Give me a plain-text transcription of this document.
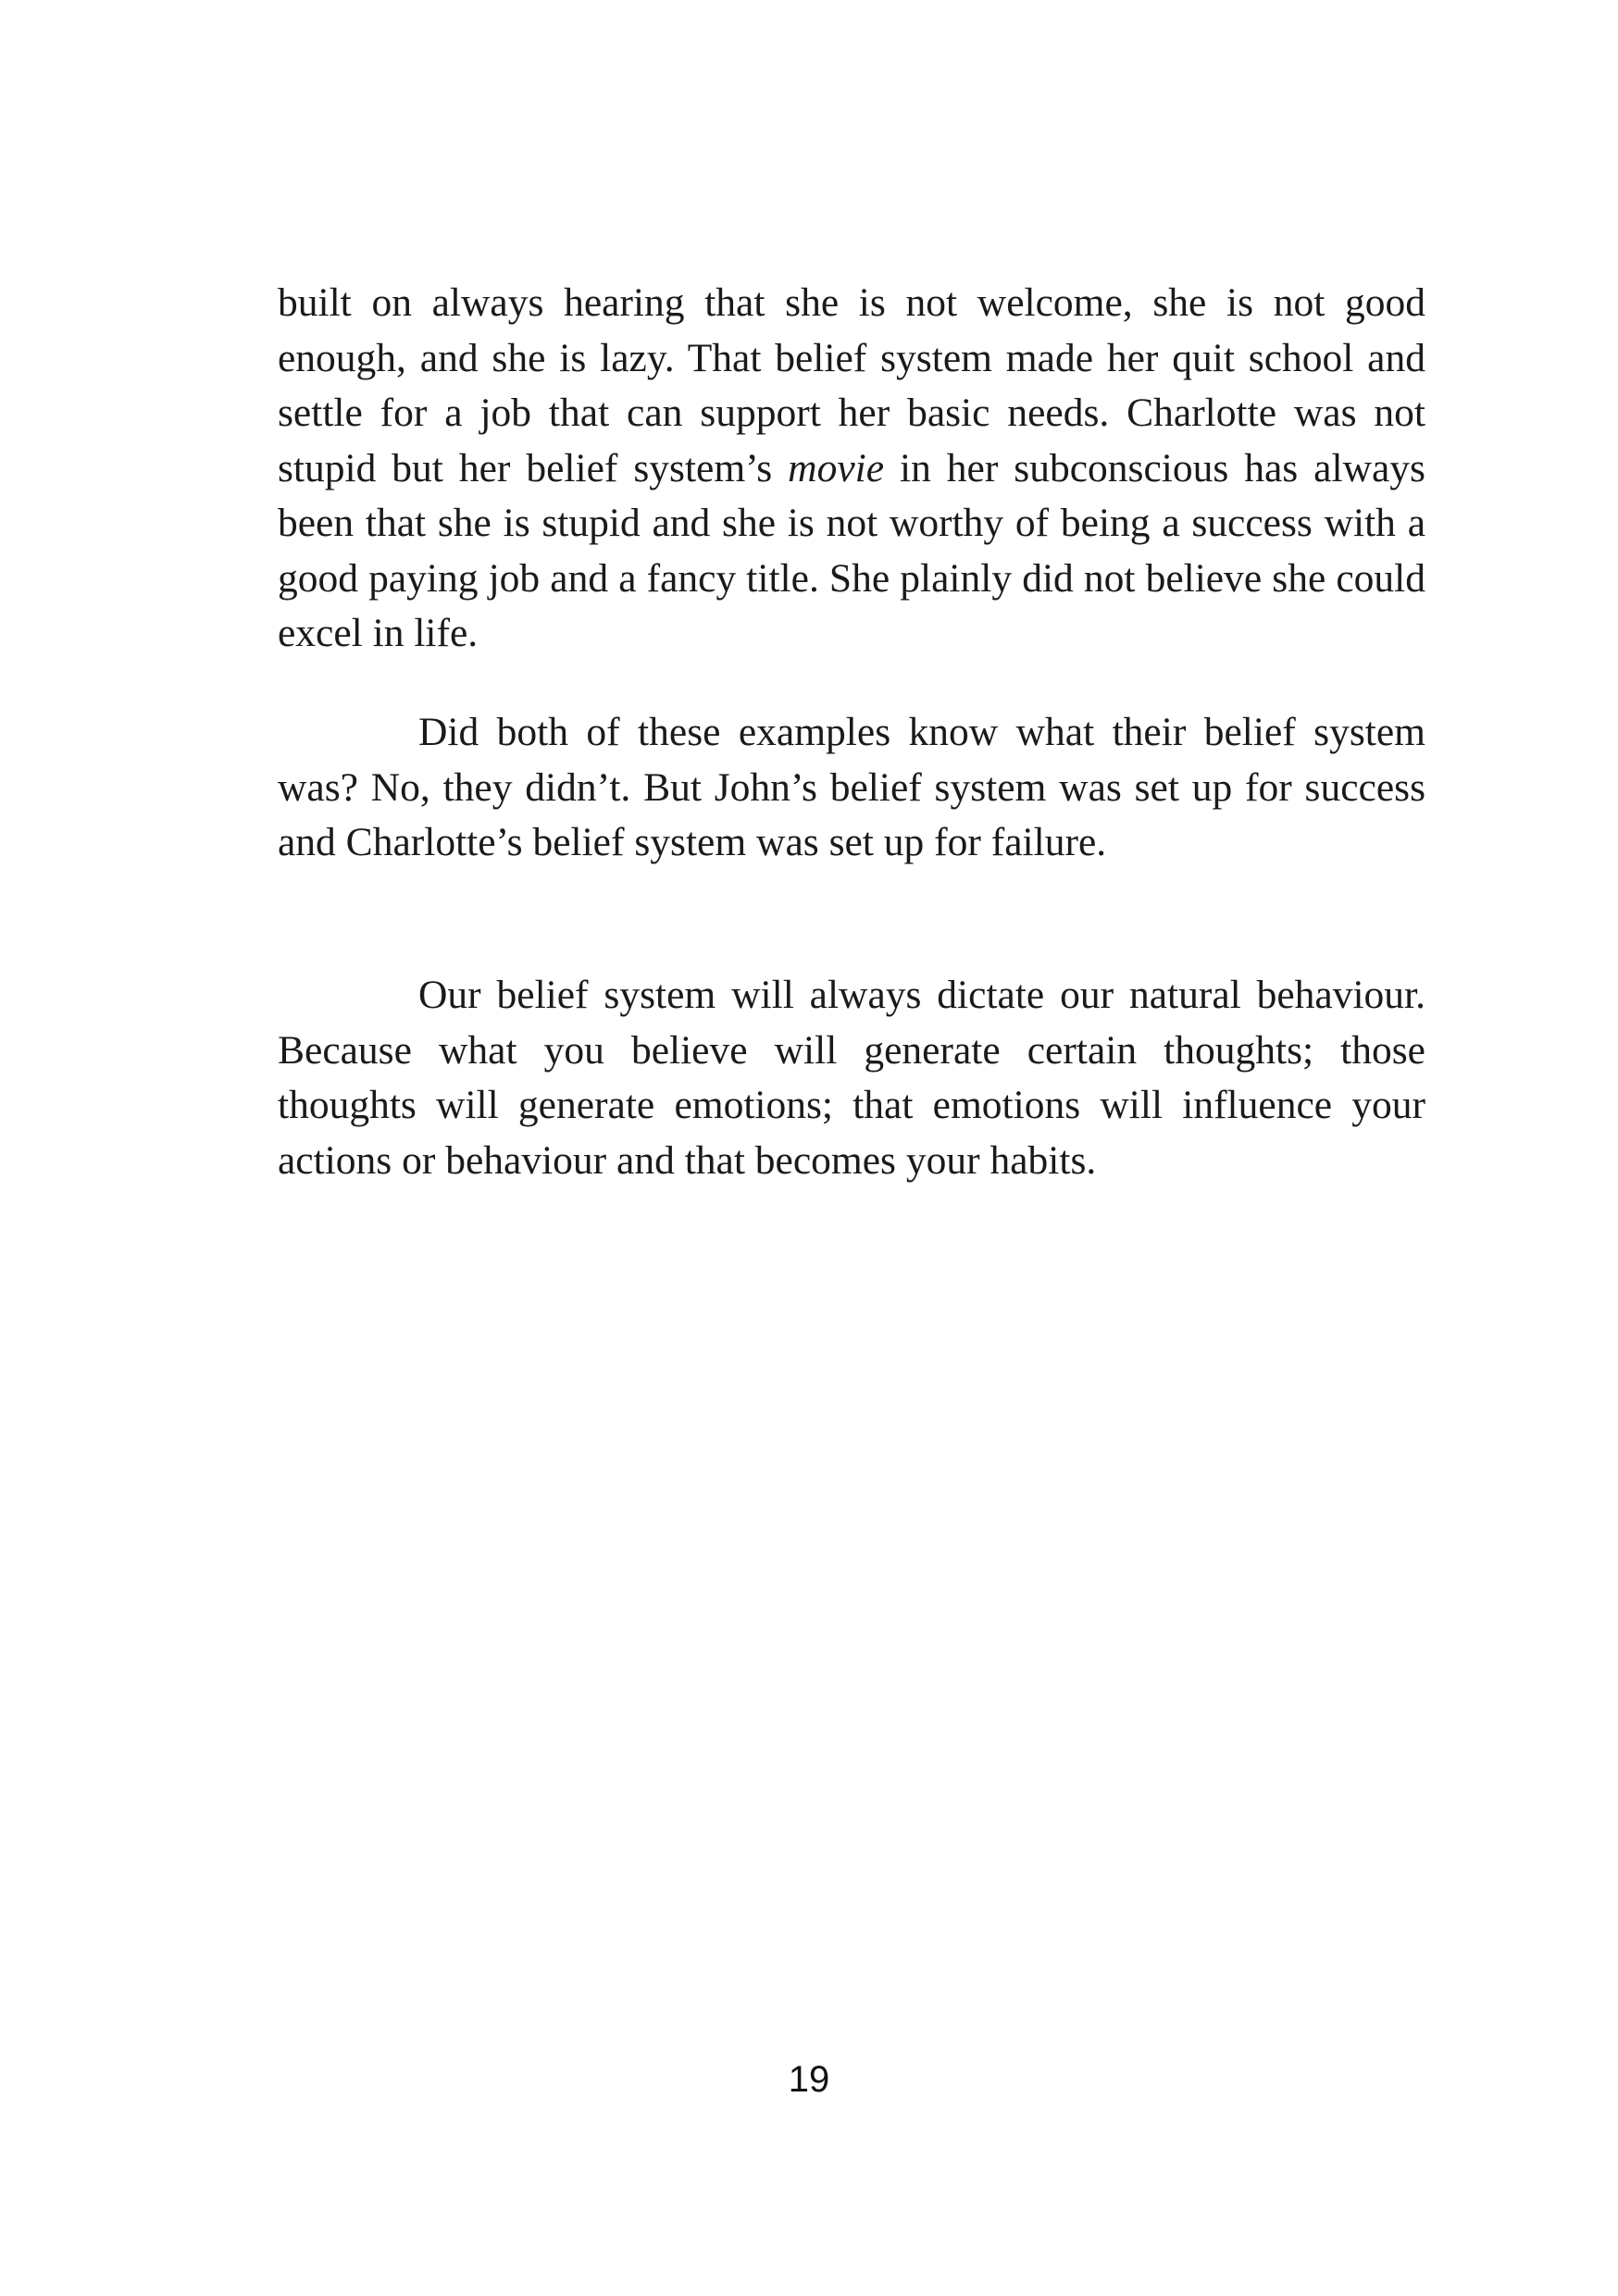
built on always hearing that she is not welcome, she is not good enough, and she is lazy. That belief system made her quit school and settle for a job that can support her basic needs. Charlotte was not stupid but her belief system’s movie in her subconscious has always been that she is stupid and she is not worthy of being a success with a good paying job and a fancy title. She plainly did not believe she could excel in life.

Did both of these examples know what their belief system was? No, they didn’t. But John’s belief system was set up for success and Charlotte’s belief system was set up for failure.

Our belief system will always dictate our natural behaviour. Because what you believe will generate certain thoughts; those thoughts will generate emotions; that emotions will influence your actions or behaviour and that becomes your habits.

19
